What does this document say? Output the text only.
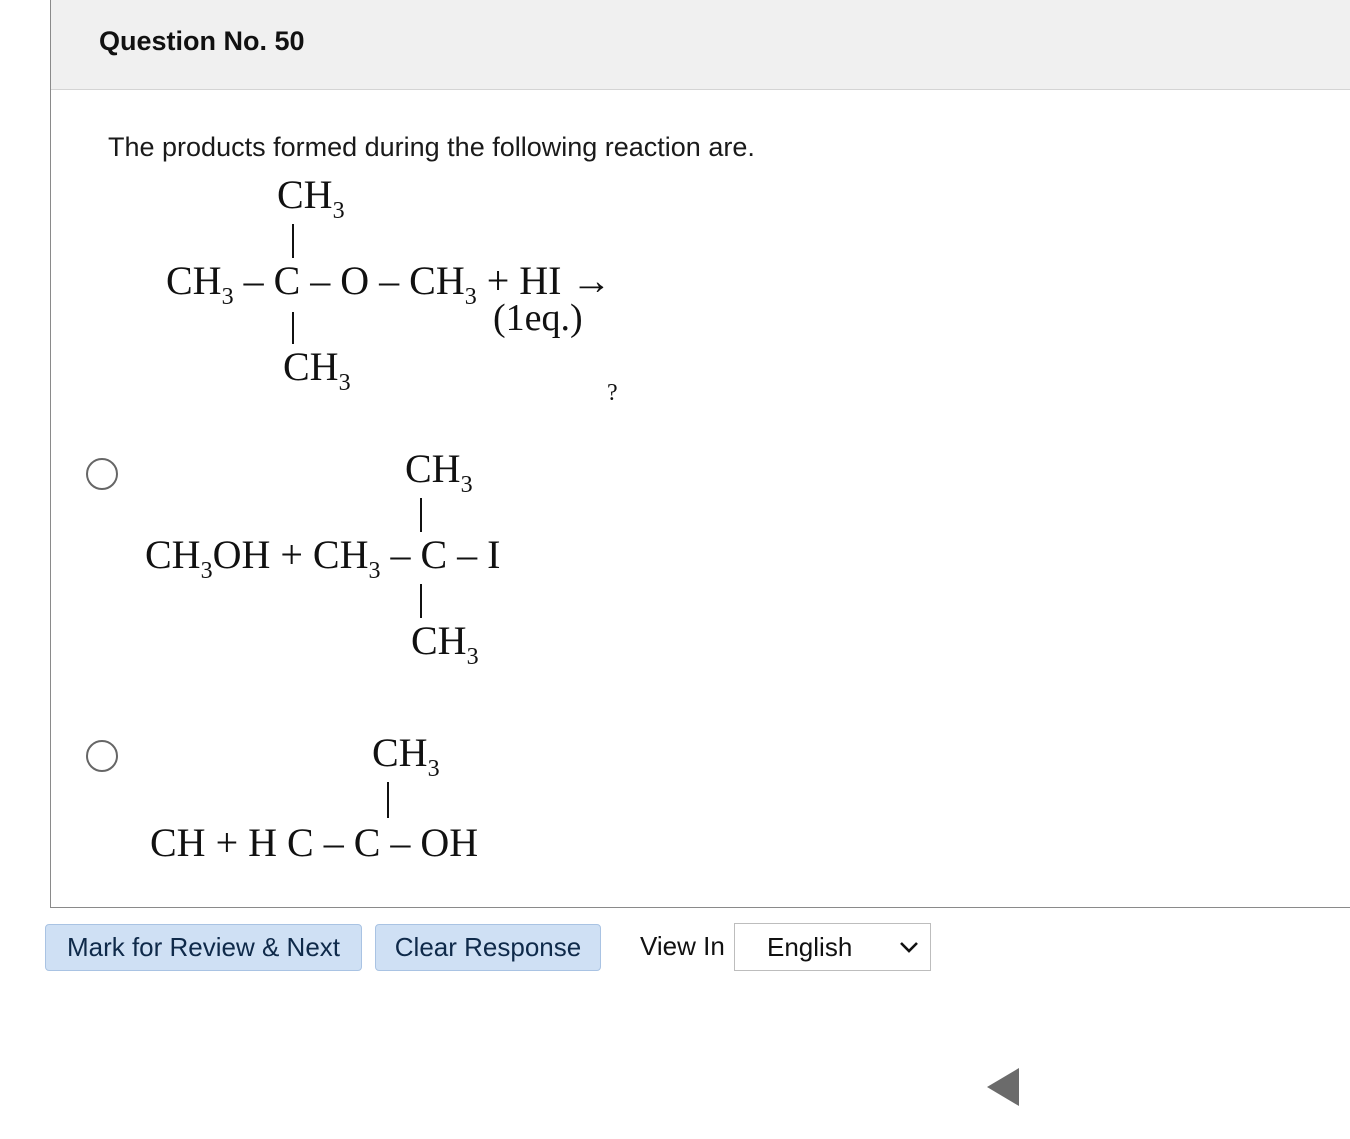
Question No. 50
The products formed during the following reaction are.
$CH_3$
$CH_3$ – C – O – $CH_3$ + HI →
(1eq.)
$CH_3$	?
$CH_3$
$CH_3OH + CH_3 - C - I$
$CH_3$
$CH_3$
CH + H C – C – OH
Mark for Review & Next	Clear Response	View In English
